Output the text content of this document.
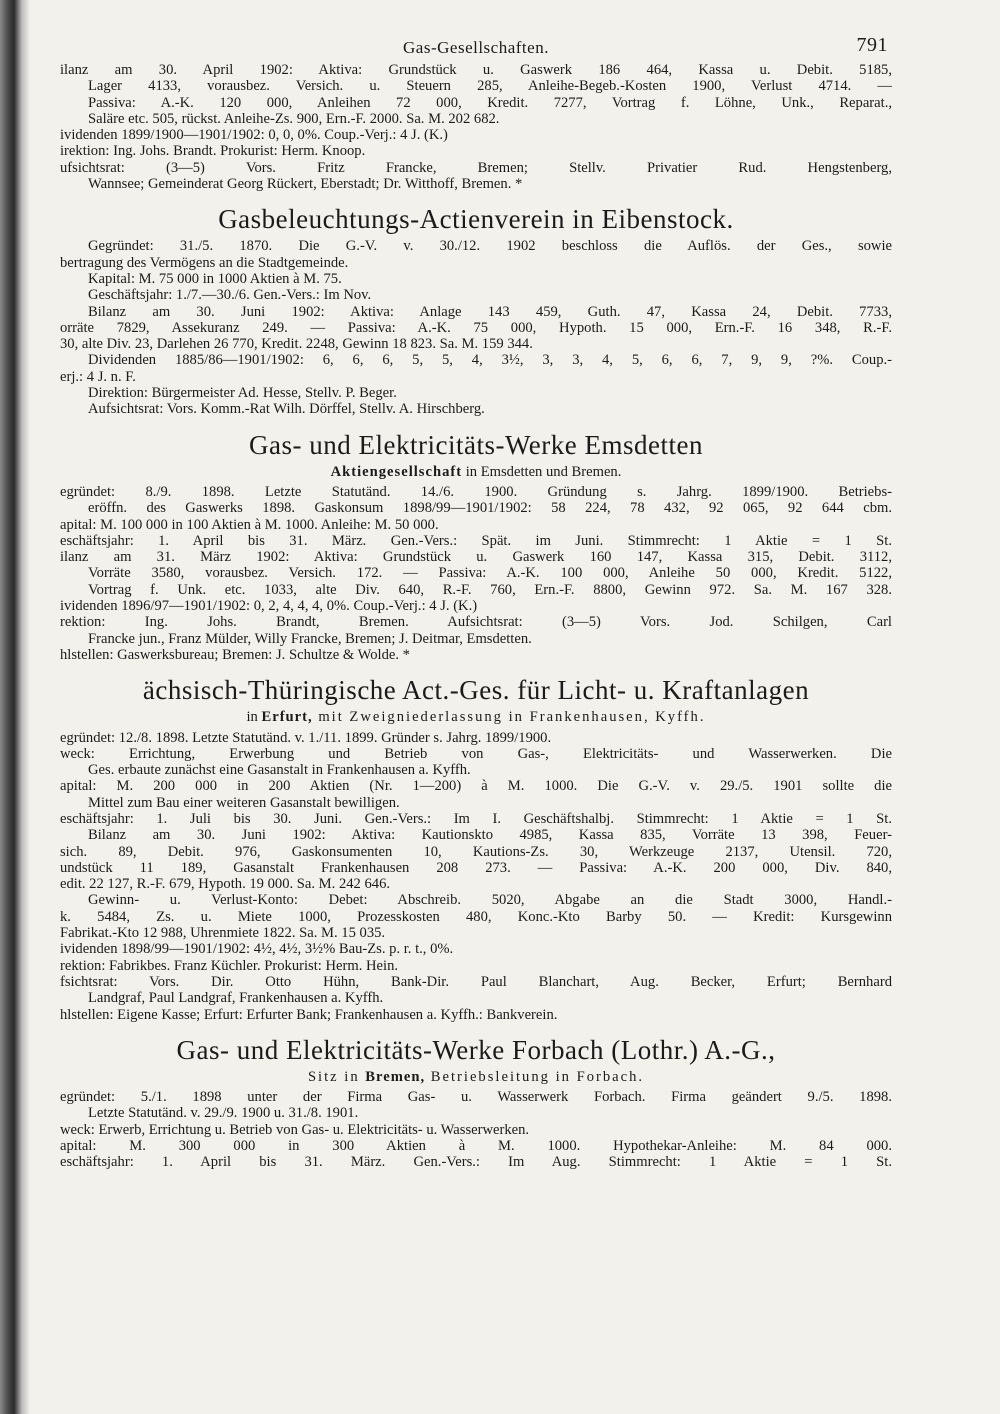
Gas-Gesellschaften.	791
ilanz am 30. April 1902: Aktiva: Grundstück u. Gaswerk 186 464, Kassa u. Debit. 5185,
Lager 4133, vorausbez. Versich. u. Steuern 285, Anleihe-Begeb.-Kosten 1900, Verlust 4714. —
Passiva: A.-K. 120 000, Anleihen 72 000, Kredit. 7277, Vortrag f. Löhne, Unk., Reparat.,
Saläre etc. 505, rückst. Anleihe-Zs. 900, Ern.-F. 2000. Sa. M. 202 682.
ividenden 1899/1900—1901/1902: 0, 0, 0%. Coup.-Verj.: 4 J. (K.)
irektion: Ing. Johs. Brandt. Prokurist: Herm. Knoop.
ufsichtsrat: (3—5) Vors. Fritz Francke, Bremen; Stellv. Privatier Rud. Hengstenberg,
Wannsee; Gemeinderat Georg Rückert, Eberstadt; Dr. Witthoff, Bremen. *
Gasbeleuchtungs-Actienverein in Eibenstock.
Gegründet: 31./5. 1870. Die G.-V. v. 30./12. 1902 beschloss die Auflös. der Ges., sowie
bertragung des Vermögens an die Stadtgemeinde.
Kapital: M. 75 000 in 1000 Aktien à M. 75.
Geschäftsjahr: 1./7.—30./6. Gen.-Vers.: Im Nov.
Bilanz am 30. Juni 1902: Aktiva: Anlage 143 459, Guth. 47, Kassa 24, Debit. 7733,
orräte 7829, Assekuranz 249. — Passiva: A.-K. 75 000, Hypoth. 15 000, Ern.-F. 16 348, R.-F.
30, alte Div. 23, Darlehen 26 770, Kredit. 2248, Gewinn 18 823. Sa. M. 159 344.
Dividenden 1885/86—1901/1902: 6, 6, 6, 5, 5, 4, 3½, 3, 3, 4, 5, 6, 6, 7, 9, 9, ?%. Coup.-
erj.: 4 J. n. F.
Direktion: Bürgermeister Ad. Hesse, Stellv. P. Beger.
Aufsichtsrat: Vors. Komm.-Rat Wilh. Dörffel, Stellv. A. Hirschberg.
Gas- und Elektricitäts-Werke Emsdetten
Aktiengesellschaft in Emsdetten und Bremen.
egründet: 8./9. 1898. Letzte Statutänd. 14./6. 1900. Gründung s. Jahrg. 1899/1900. Betriebs-
eröffn. des Gaswerks 1898. Gaskonsum 1898/99—1901/1902: 58 224, 78 432, 92 065, 92 644 cbm.
apital: M. 100 000 in 100 Aktien à M. 1000. Anleihe: M. 50 000.
eschäftsjahr: 1. April bis 31. März. Gen.-Vers.: Spät. im Juni. Stimmrecht: 1 Aktie = 1 St.
ilanz am 31. März 1902: Aktiva: Grundstück u. Gaswerk 160 147, Kassa 315, Debit. 3112,
Vorräte 3580, vorausbez. Versich. 172. — Passiva: A.-K. 100 000, Anleihe 50 000, Kredit. 5122,
Vortrag f. Unk. etc. 1033, alte Div. 640, R.-F. 760, Ern.-F. 8800, Gewinn 972. Sa. M. 167 328.
ividenden 1896/97—1901/1902: 0, 2, 4, 4, 4, 0%. Coup.-Verj.: 4 J. (K.)
rektion: Ing. Johs. Brandt, Bremen. Aufsichtsrat: (3—5) Vors. Jod. Schilgen, Carl
Francke jun., Franz Mülder, Willy Francke, Bremen; J. Deitmar, Emsdetten.
hlstellen: Gaswerksbureau; Bremen: J. Schultze & Wolde. *
ächsisch-Thüringische Act.-Ges. für Licht- u. Kraftanlagen
in Erfurt, mit Zweigniederlassung in Frankenhausen, Kyffh.
egründet: 12./8. 1898. Letzte Statutänd. v. 1./11. 1899. Gründer s. Jahrg. 1899/1900.
weck: Errichtung, Erwerbung und Betrieb von Gas-, Elektricitäts- und Wasserwerken. Die
Ges. erbaute zunächst eine Gasanstalt in Frankenhausen a. Kyffh.
apital: M. 200 000 in 200 Aktien (Nr. 1—200) à M. 1000. Die G.-V. v. 29./5. 1901 sollte die
Mittel zum Bau einer weiteren Gasanstalt bewilligen.
eschäftsjahr: 1. Juli bis 30. Juni. Gen.-Vers.: Im I. Geschäftshalbj. Stimmrecht: 1 Aktie = 1 St.
Bilanz am 30. Juni 1902: Aktiva: Kautionskto 4985, Kassa 835, Vorräte 13 398, Feuer-
sich. 89, Debit. 976, Gaskonsumenten 10, Kautions-Zs. 30, Werkzeuge 2137, Utensil. 720,
undstück 11 189, Gasanstalt Frankenhausen 208 273. — Passiva: A.-K. 200 000, Div. 840,
edit. 22 127, R.-F. 679, Hypoth. 19 000. Sa. M. 242 646.
Gewinn- u. Verlust-Konto: Debet: Abschreib. 5020, Abgabe an die Stadt 3000, Handl.-
k. 5484, Zs. u. Miete 1000, Prozesskosten 480, Konc.-Kto Barby 50. — Kredit: Kursgewinn
Fabrikat.-Kto 12 988, Uhrenmiete 1822. Sa. M. 15 035.
ividenden 1898/99—1901/1902: 4½, 4½, 3½% Bau-Zs. p. r. t., 0%.
rektion: Fabrikbes. Franz Küchler. Prokurist: Herm. Hein.
fsichtsrat: Vors. Dir. Otto Hühn, Bank-Dir. Paul Blanchart, Aug. Becker, Erfurt; Bernhard
Landgraf, Paul Landgraf, Frankenhausen a. Kyffh.
hlstellen: Eigene Kasse; Erfurt: Erfurter Bank; Frankenhausen a. Kyffh.: Bankverein.
Gas- und Elektricitäts-Werke Forbach (Lothr.) A.-G.,
Sitz in Bremen, Betriebsleitung in Forbach.
egründet: 5./1. 1898 unter der Firma Gas- u. Wasserwerk Forbach. Firma geändert 9./5. 1898.
Letzte Statutänd. v. 29./9. 1900 u. 31./8. 1901.
weck: Erwerb, Errichtung u. Betrieb von Gas- u. Elektricitäts- u. Wasserwerken.
apital: M. 300 000 in 300 Aktien à M. 1000. Hypothekar-Anleihe: M. 84 000.
eschäftsjahr: 1. April bis 31. März. Gen.-Vers.: Im Aug. Stimmrecht: 1 Aktie = 1 St.
